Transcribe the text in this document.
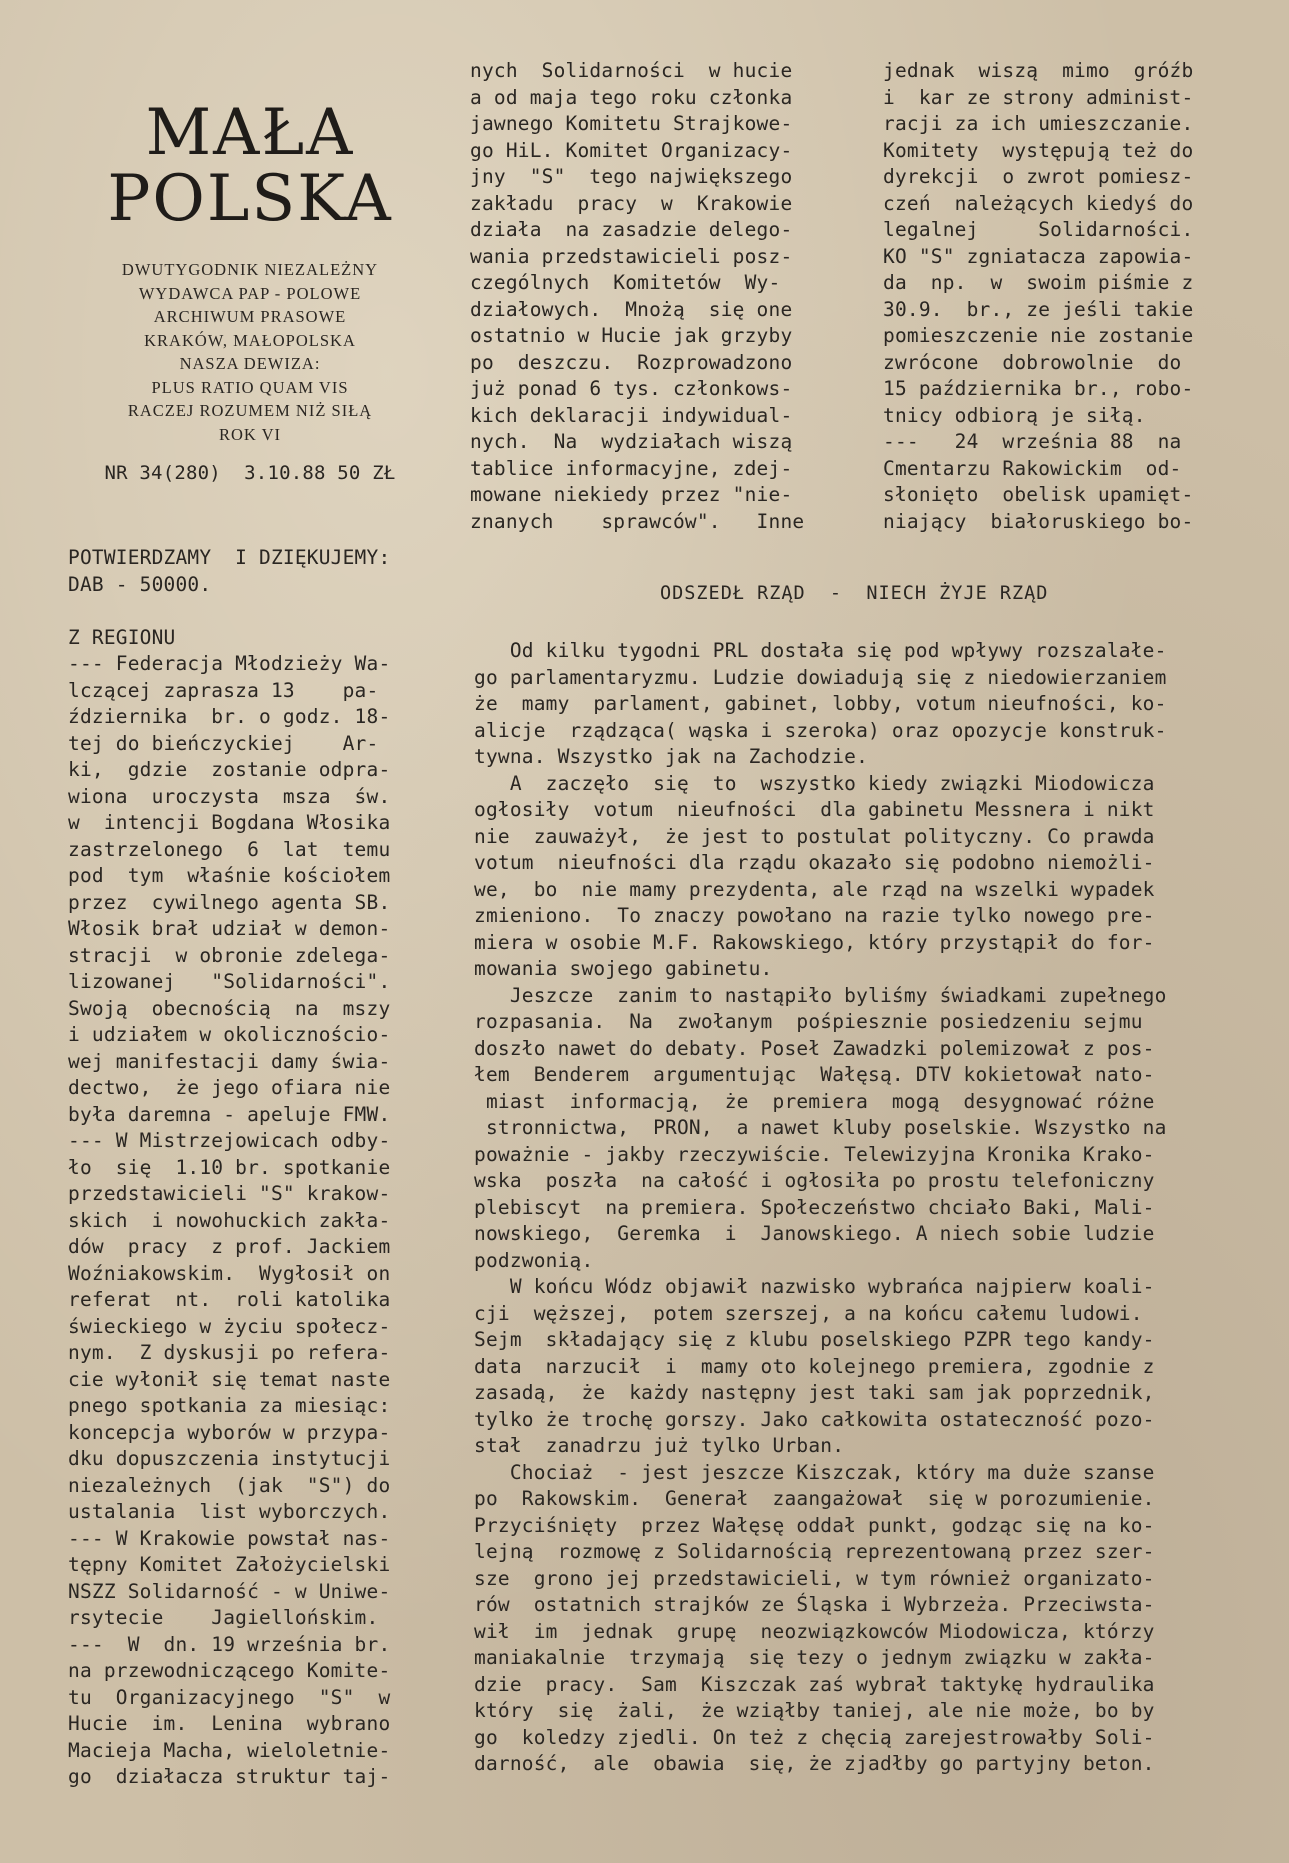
MAŁA
POLSKA
DWUTYGODNIK NIEZALEŻNY
WYDAWCA PAP - POLOWE
ARCHIWUM PRASOWE
KRAKÓW, MAŁOPOLSKA
NASZA DEWIZA:
PLUS RATIO QUAM VIS
RACZEJ ROZUMEM NIŻ SIŁĄ
ROK VI
NR 34(280)  3.10.88 50 ZŁ
POTWIERDZAMY  I DZIĘKUJEMY:
DAB - 50000.
Z REGIONU
--- Federacja Młodzieży Wa-
lczącej zaprasza 13    pa-
ździernika  br. o godz. 18-
tej do bieńczyckiej    Ar-
ki,  gdzie  zostanie odpra-
wiona  uroczysta  msza  św.
w  intencji Bogdana Włosika
zastrzelonego  6  lat  temu
pod  tym  właśnie kościołem
przez  cywilnego agenta SB.
Włosik brał udział w demon-
stracji  w obronie zdelega-
lizowanej   "Solidarności".
Swoją  obecnością  na  mszy
i udziałem w okolicznościo-
wej manifestacji damy świa-
dectwo,  że jego ofiara nie
była daremna - apeluje FMW.
--- W Mistrzejowicach odby-
ło  się  1.10 br. spotkanie
przedstawicieli "S" krakow-
skich  i nowohuckich zakła-
dów  pracy  z prof. Jackiem
Woźniakowskim.  Wygłosił on
referat  nt.  roli katolika
świeckiego w życiu społecz-
nym.  Z dyskusji po refera-
cie wyłonił się temat naste
pnego spotkania za miesiąc:
koncepcja wyborów w przypa-
dku dopuszczenia instytucji
niezależnych  (jak  "S") do
ustalania  list wyborczych.
--- W Krakowie powstał nas-
tępny Komitet Założycielski
NSZZ Solidarność - w Uniwe-
rsytecie    Jagiellońskim.
---  W  dn. 19 września br.
na przewodniczącego Komite-
tu  Organizacyjnego  "S"  w
Hucie  im.  Lenina  wybrano
Macieja Macha, wieloletnie-
go  działacza struktur taj-
nych  Solidarności  w hucie
a od maja tego roku członka
jawnego Komitetu Strajkowe-
go HiL. Komitet Organizacy-
jny  "S"  tego największego
zakładu  pracy  w  Krakowie
działa  na zasadzie delego-
wania przedstawicieli posz-
czególnych  Komitetów  Wy-
działowych.  Mnożą  się one
ostatnio w Hucie jak grzyby
po  deszczu.  Rozprowadzono
już ponad 6 tys. członkows-
kich deklaracji indywidual-
nych.  Na  wydziałach wiszą
tablice informacyjne, zdej-
mowane niekiedy przez "nie-
znanych    sprawców".   Inne
jednak  wiszą  mimo  gróźb
i  kar ze strony administ-
racji za ich umieszczanie.
Komitety  występują też do
dyrekcji  o zwrot pomiesz-
czeń  należących kiedyś do
legalnej     Solidarności.
KO "S" zgniatacza zapowia-
da  np.  w  swoim piśmie z
30.9.  br., ze jeśli takie
pomieszczenie nie zostanie
zwrócone  dobrowolnie  do
15 października br., robo-
tnicy odbiorą je siłą.
---   24  września 88  na
Cmentarzu Rakowickim  od-
słonięto  obelisk upamięt-
niający  białoruskiego bo-
ODSZEDŁ RZĄD  -  NIECH ŻYJE RZĄD
Od kilku tygodni PRL dostała się pod wpływy rozszalałe-
go parlamentaryzmu. Ludzie dowiadują się z niedowierzaniem
że  mamy  parlament, gabinet, lobby, votum nieufności, ko-
alicje  rządząca( wąska i szeroka) oraz opozycje konstruk-
tywna. Wszystko jak na Zachodzie.
A  zaczęło  się  to  wszystko kiedy związki Miodowicza
ogłosiły  votum  nieufności  dla gabinetu Messnera i nikt
nie  zauważył,  że jest to postulat polityczny. Co prawda
votum  nieufności dla rządu okazało się podobno niemożli-
we,  bo  nie mamy prezydenta, ale rząd na wszelki wypadek
zmieniono.  To znaczy powołano na razie tylko nowego pre-
miera w osobie M.F. Rakowskiego, który przystąpił do for-
mowania swojego gabinetu.
Jeszcze  zanim to nastąpiło byliśmy świadkami zupełnego
rozpasania.  Na  zwołanym  pośpiesznie posiedzeniu sejmu
doszło nawet do debaty. Poseł Zawadzki polemizował z pos-
łem  Benderem  argumentując  Wałęsą. DTV kokietował nato-
miast  informacją,  że  premiera  mogą  desygnować różne
stronnictwa,  PRON,  a nawet kluby poselskie. Wszystko na
poważnie - jakby rzeczywiście. Telewizyjna Kronika Krako-
wska  poszła  na całość i ogłosiła po prostu telefoniczny
plebiscyt  na premiera. Społeczeństwo chciało Baki, Mali-
nowskiego,  Geremka  i  Janowskiego. A niech sobie ludzie
podzwonią.
W końcu Wódz objawił nazwisko wybrańca najpierw koali-
cji  węższej,  potem szerszej, a na końcu całemu ludowi.
Sejm  składający się z klubu poselskiego PZPR tego kandy-
data  narzucił  i  mamy oto kolejnego premiera, zgodnie z
zasadą,  że  każdy następny jest taki sam jak poprzednik,
tylko że trochę gorszy. Jako całkowita ostateczność pozo-
stał  zanadrzu już tylko Urban.
Chociaż  - jest jeszcze Kiszczak, który ma duże szanse
po  Rakowskim.  Generał  zaangażował  się w porozumienie.
Przyciśnięty  przez Wałęsę oddał punkt, godząc się na ko-
lejną  rozmowę z Solidarnością reprezentowaną przez szer-
sze  grono jej przedstawicieli, w tym również organizato-
rów  ostatnich strajków ze Śląska i Wybrzeża. Przeciwsta-
wił  im  jednak  grupę  neozwiązkowców Miodowicza, którzy
maniakalnie  trzymają  się tezy o jednym związku w zakła-
dzie  pracy.  Sam  Kiszczak zaś wybrał taktykę hydraulika
który  się  żali,  że wziąłby taniej, ale nie może, bo by
go  koledzy zjedli. On też z chęcią zarejestrowałby Soli-
darność,  ale  obawia  się, że zjadłby go partyjny beton.
